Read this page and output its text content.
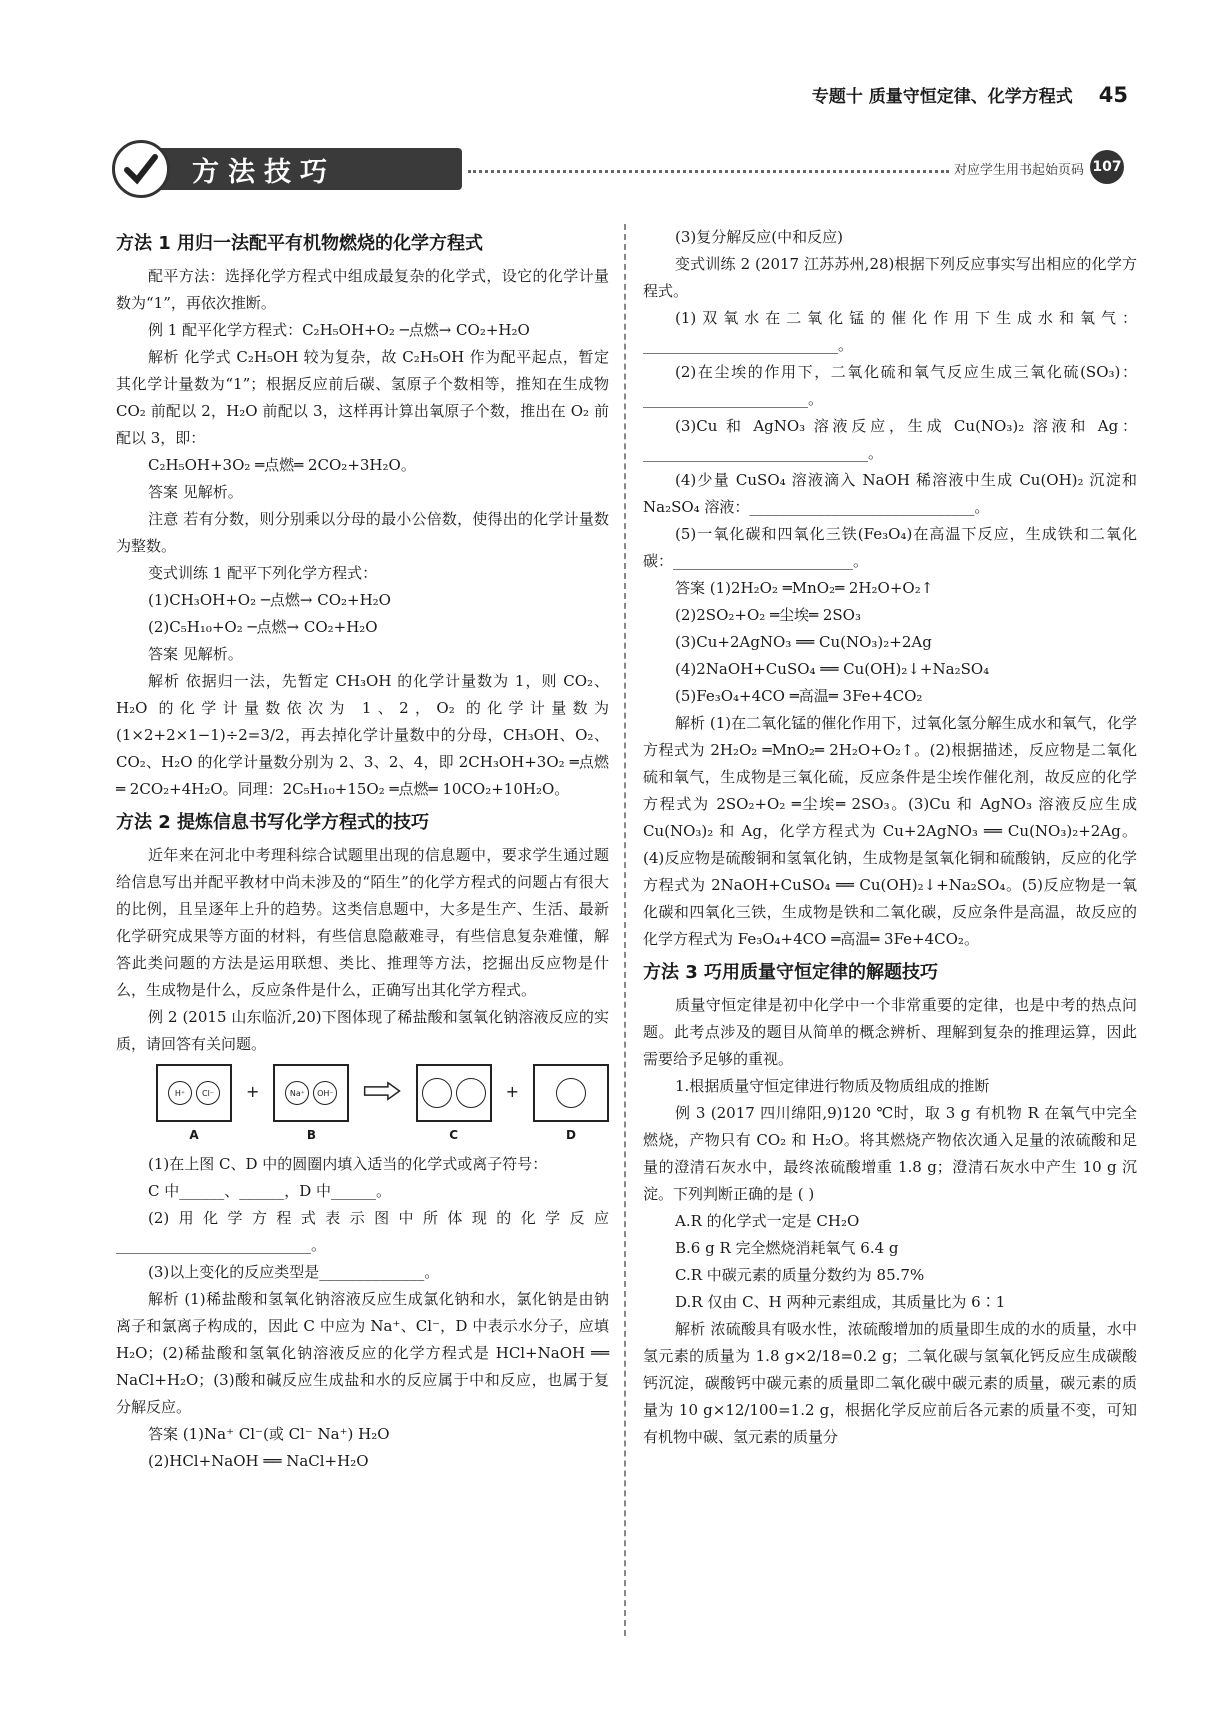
专题十 质量守恒定律、化学方程式 45
方法技巧	对应学生用书起始页码 107
方法 1 用归一法配平有机物燃烧的化学方程式

配平方法：选择化学方程式中组成最复杂的化学式，设它的化学计量数为“1”，再依次推断。

例 1 配平化学方程式：C₂H₅OH+O₂ ─点燃→ CO₂+H₂O

解析 化学式 C₂H₅OH 较为复杂，故 C₂H₅OH 作为配平起点，暂定其化学计量数为“1”；根据反应前后碳、氢原子个数相等，推知在生成物 CO₂ 前配以 2，H₂O 前配以 3，这样再计算出氧原子个数，推出在 O₂ 前配以 3，即：

C₂H₅OH+3O₂ ═点燃═ 2CO₂+3H₂O。

答案 见解析。

注意 若有分数，则分别乘以分母的最小公倍数，使得出的化学计量数为整数。

变式训练 1 配平下列化学方程式：

(1)CH₃OH+O₂ ─点燃→ CO₂+H₂O

(2)C₅H₁₀+O₂ ─点燃→ CO₂+H₂O

答案 见解析。

解析 依据归一法，先暂定 CH₃OH 的化学计量数为 1，则 CO₂、H₂O 的化学计量数依次为 1、2，O₂ 的化学计量数为(1×2+2×1−1)÷2=3/2，再去掉化学计量数中的分母，CH₃OH、O₂、CO₂、H₂O 的化学计量数分别为 2、3、2、4，即 2CH₃OH+3O₂ ═点燃═ 2CO₂+4H₂O。同理：2C₅H₁₀+15O₂ ═点燃═ 10CO₂+10H₂O。

方法 2 提炼信息书写化学方程式的技巧

近年来在河北中考理科综合试题里出现的信息题中，要求学生通过题给信息写出并配平教材中尚未涉及的“陌生”的化学方程式的问题占有很大的比例，且呈逐年上升的趋势。这类信息题中，大多是生产、生活、最新化学研究成果等方面的材料，有些信息隐蔽难寻，有些信息复杂难懂，解答此类问题的方法是运用联想、类比、推理等方法，挖掘出反应物是什么，生成物是什么，反应条件是什么，正确写出其化学方程式。

例 2 (2015 山东临沂,20)下图体现了稀盐酸和氢氧化钠溶液反应的实质，请回答有关问题。

H⁺	Cl⁻
A
+	Na⁺	OH⁻
B	C
+
D

(1)在上图 C、D 中的圆圈内填入适当的化学式或离子符号：

C 中______、______，D 中______。

(2)用化学方程式表示图中所体现的化学反应__________________________。

(3)以上变化的反应类型是______________。

解析 (1)稀盐酸和氢氧化钠溶液反应生成氯化钠和水，氯化钠是由钠离子和氯离子构成的，因此 C 中应为 Na⁺、Cl⁻，D 中表示水分子，应填 H₂O；(2)稀盐酸和氢氧化钠溶液反应的化学方程式是 HCl+NaOH ══ NaCl+H₂O；(3)酸和碱反应生成盐和水的反应属于中和反应，也属于复分解反应。

答案 (1)Na⁺ Cl⁻(或 Cl⁻ Na⁺) H₂O

(2)HCl+NaOH ══ NaCl+H₂O

(3)复分解反应(中和反应)

变式训练 2 (2017 江苏苏州,28)根据下列反应事实写出相应的化学方程式。

(1)双氧水在二氧化锰的催化作用下生成水和氧气：__________________________。

(2)在尘埃的作用下，二氧化硫和氧气反应生成三氧化硫(SO₃)：______________________。

(3)Cu 和 AgNO₃ 溶液反应，生成 Cu(NO₃)₂ 溶液和 Ag：______________________________。

(4)少量 CuSO₄ 溶液滴入 NaOH 稀溶液中生成 Cu(OH)₂ 沉淀和 Na₂SO₄ 溶液：______________________________。

(5)一氧化碳和四氧化三铁(Fe₃O₄)在高温下反应，生成铁和二氧化碳：________________________。

答案 (1)2H₂O₂ ═MnO₂═ 2H₂O+O₂↑

(2)2SO₂+O₂ ═尘埃═ 2SO₃

(3)Cu+2AgNO₃ ══ Cu(NO₃)₂+2Ag

(4)2NaOH+CuSO₄ ══ Cu(OH)₂↓+Na₂SO₄

(5)Fe₃O₄+4CO ═高温═ 3Fe+4CO₂

解析 (1)在二氧化锰的催化作用下，过氧化氢分解生成水和氧气，化学方程式为 2H₂O₂ ═MnO₂═ 2H₂O+O₂↑。(2)根据描述，反应物是二氧化硫和氧气，生成物是三氧化硫，反应条件是尘埃作催化剂，故反应的化学方程式为 2SO₂+O₂ ═尘埃═ 2SO₃。(3)Cu 和 AgNO₃ 溶液反应生成 Cu(NO₃)₂ 和 Ag，化学方程式为 Cu+2AgNO₃ ══ Cu(NO₃)₂+2Ag。(4)反应物是硫酸铜和氢氧化钠，生成物是氢氧化铜和硫酸钠，反应的化学方程式为 2NaOH+CuSO₄ ══ Cu(OH)₂↓+Na₂SO₄。(5)反应物是一氧化碳和四氧化三铁，生成物是铁和二氧化碳，反应条件是高温，故反应的化学方程式为 Fe₃O₄+4CO ═高温═ 3Fe+4CO₂。

方法 3 巧用质量守恒定律的解题技巧

质量守恒定律是初中化学中一个非常重要的定律，也是中考的热点问题。此考点涉及的题目从简单的概念辨析、理解到复杂的推理运算，因此需要给予足够的重视。

1.根据质量守恒定律进行物质及物质组成的推断

例 3 (2017 四川绵阳,9)120 ℃时，取 3 g 有机物 R 在氧气中完全燃烧，产物只有 CO₂ 和 H₂O。将其燃烧产物依次通入足量的浓硫酸和足量的澄清石灰水中，最终浓硫酸增重 1.8 g；澄清石灰水中产生 10 g 沉淀。下列判断正确的是 ( )

A.R 的化学式一定是 CH₂O

B.6 g R 完全燃烧消耗氧气 6.4 g

C.R 中碳元素的质量分数约为 85.7%

D.R 仅由 C、H 两种元素组成，其质量比为 6∶1

解析 浓硫酸具有吸水性，浓硫酸增加的质量即生成的水的质量，水中氢元素的质量为 1.8 g×2/18=0.2 g；二氧化碳与氢氧化钙反应生成碳酸钙沉淀，碳酸钙中碳元素的质量即二氧化碳中碳元素的质量，碳元素的质量为 10 g×12/100=1.2 g，根据化学反应前后各元素的质量不变，可知有机物中碳、氢元素的质量分
